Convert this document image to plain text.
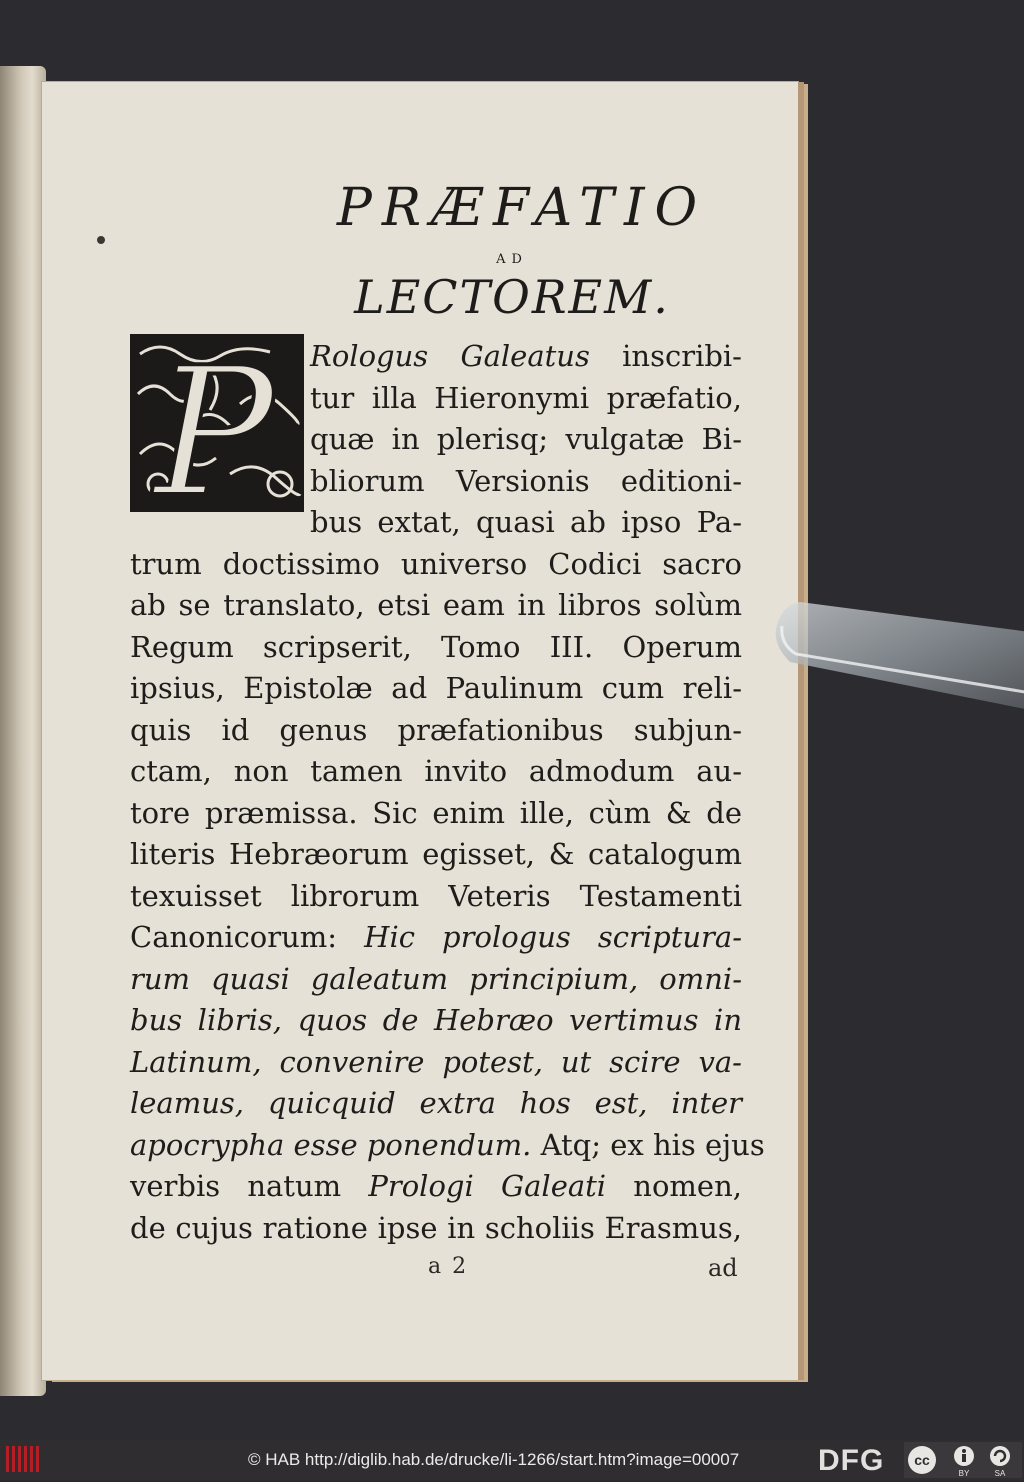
PRÆFATIO
AD
LECTOREM.
P	Rologus Galeatus inscribi-
tur illa Hieronymi præfatio,
quæ in plerisq; vulgatæ Bi-
bliorum Versionis editioni-
bus extat, quasi ab ipso Pa-
trum doctissimo universo Codici sacro
ab se translato, etsi eam in libros solùm
Regum scripserit, Tomo III. Operum
ipsius, Epistolæ ad Paulinum cum reli-
quis id genus præfationibus subjun-
ctam, non tamen invito admodum au-
tore præmissa. Sic enim ille, cùm & de
literis Hebræorum egisset, & catalogum
texuisset librorum Veteris Testamenti
Canonicorum: Hic prologus scriptura-
rum quasi galeatum principium, omni-
bus libris, quos de Hebræo vertimus in
Latinum, convenire potest, ut scire va-
leamus, quicquid extra hos est, inter
apocrypha esse ponendum. Atq; ex his ejus
verbis natum Prologi Galeati nomen,
de cujus ratione ipse in scholiis Erasmus,
a 2	ad
© HAB http://diglib.hab.de/drucke/li-1266/start.htm?image=00007	DFG cc
BY	SA
